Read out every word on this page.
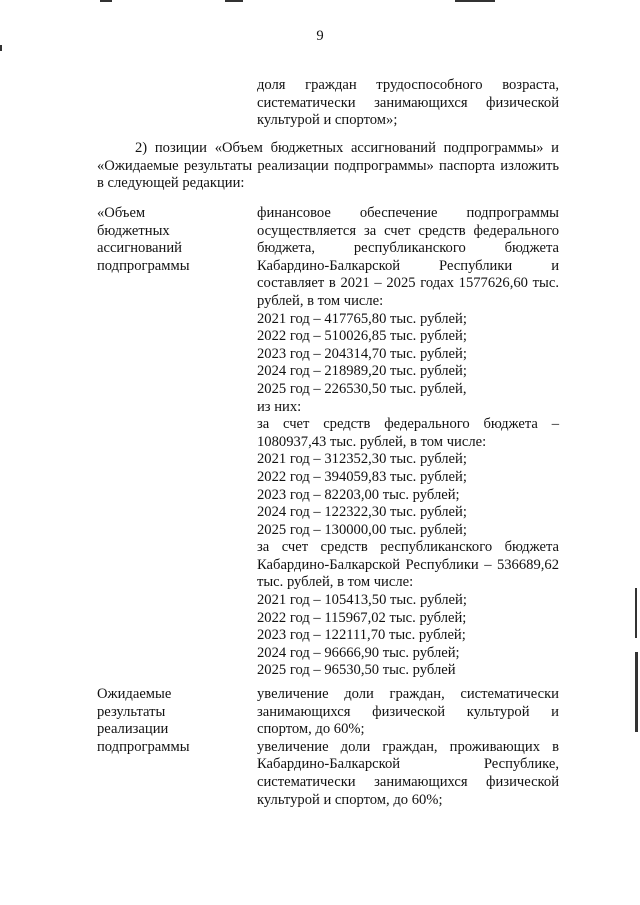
9
доля граждан трудоспособного возраста,
систематически занимающихся физической
культурой и спортом»;
2) позиции «Объем бюджетных ассигнований подпрограммы» и «Ожидаемые результаты реализации подпрограммы» паспорта изложить в следующей редакции:
«Объем
бюджетных
ассигнований
подпрограммы
финансовое обеспечение подпрограммы осуществляется за счет средств федерального бюджета, республиканского бюджета Кабардино-Балкарской Республики и составляет в 2021 – 2025 годах 1577626,60 тыс. рублей, в том числе:
2021 год – 417765,80 тыс. рублей;
2022 год – 510026,85 тыс. рублей;
2023 год – 204314,70 тыс. рублей;
2024 год – 218989,20 тыс. рублей;
2025 год – 226530,50 тыс. рублей,
из них:
за счет средств федерального бюджета – 1080937,43 тыс. рублей, в том числе:
2021 год – 312352,30 тыс. рублей;
2022 год – 394059,83 тыс. рублей;
2023 год – 82203,00 тыс. рублей;
2024 год – 122322,30 тыс. рублей;
2025 год – 130000,00 тыс. рублей;
за счет средств республиканского бюджета Кабардино-Балкарской Республики – 536689,62 тыс. рублей, в том числе:
2021 год – 105413,50 тыс. рублей;
2022 год – 115967,02 тыс. рублей;
2023 год – 122111,70 тыс. рублей;
2024 год – 96666,90 тыс. рублей;
2025 год – 96530,50 тыс. рублей
Ожидаемые
результаты
реализации
подпрограммы
увеличение доли граждан, систематически занимающихся физической культурой и спортом, до 60%;
увеличение доли граждан, проживающих в Кабардино-Балкарской Республике, систематически занимающихся физической культурой и спортом, до 60%;
